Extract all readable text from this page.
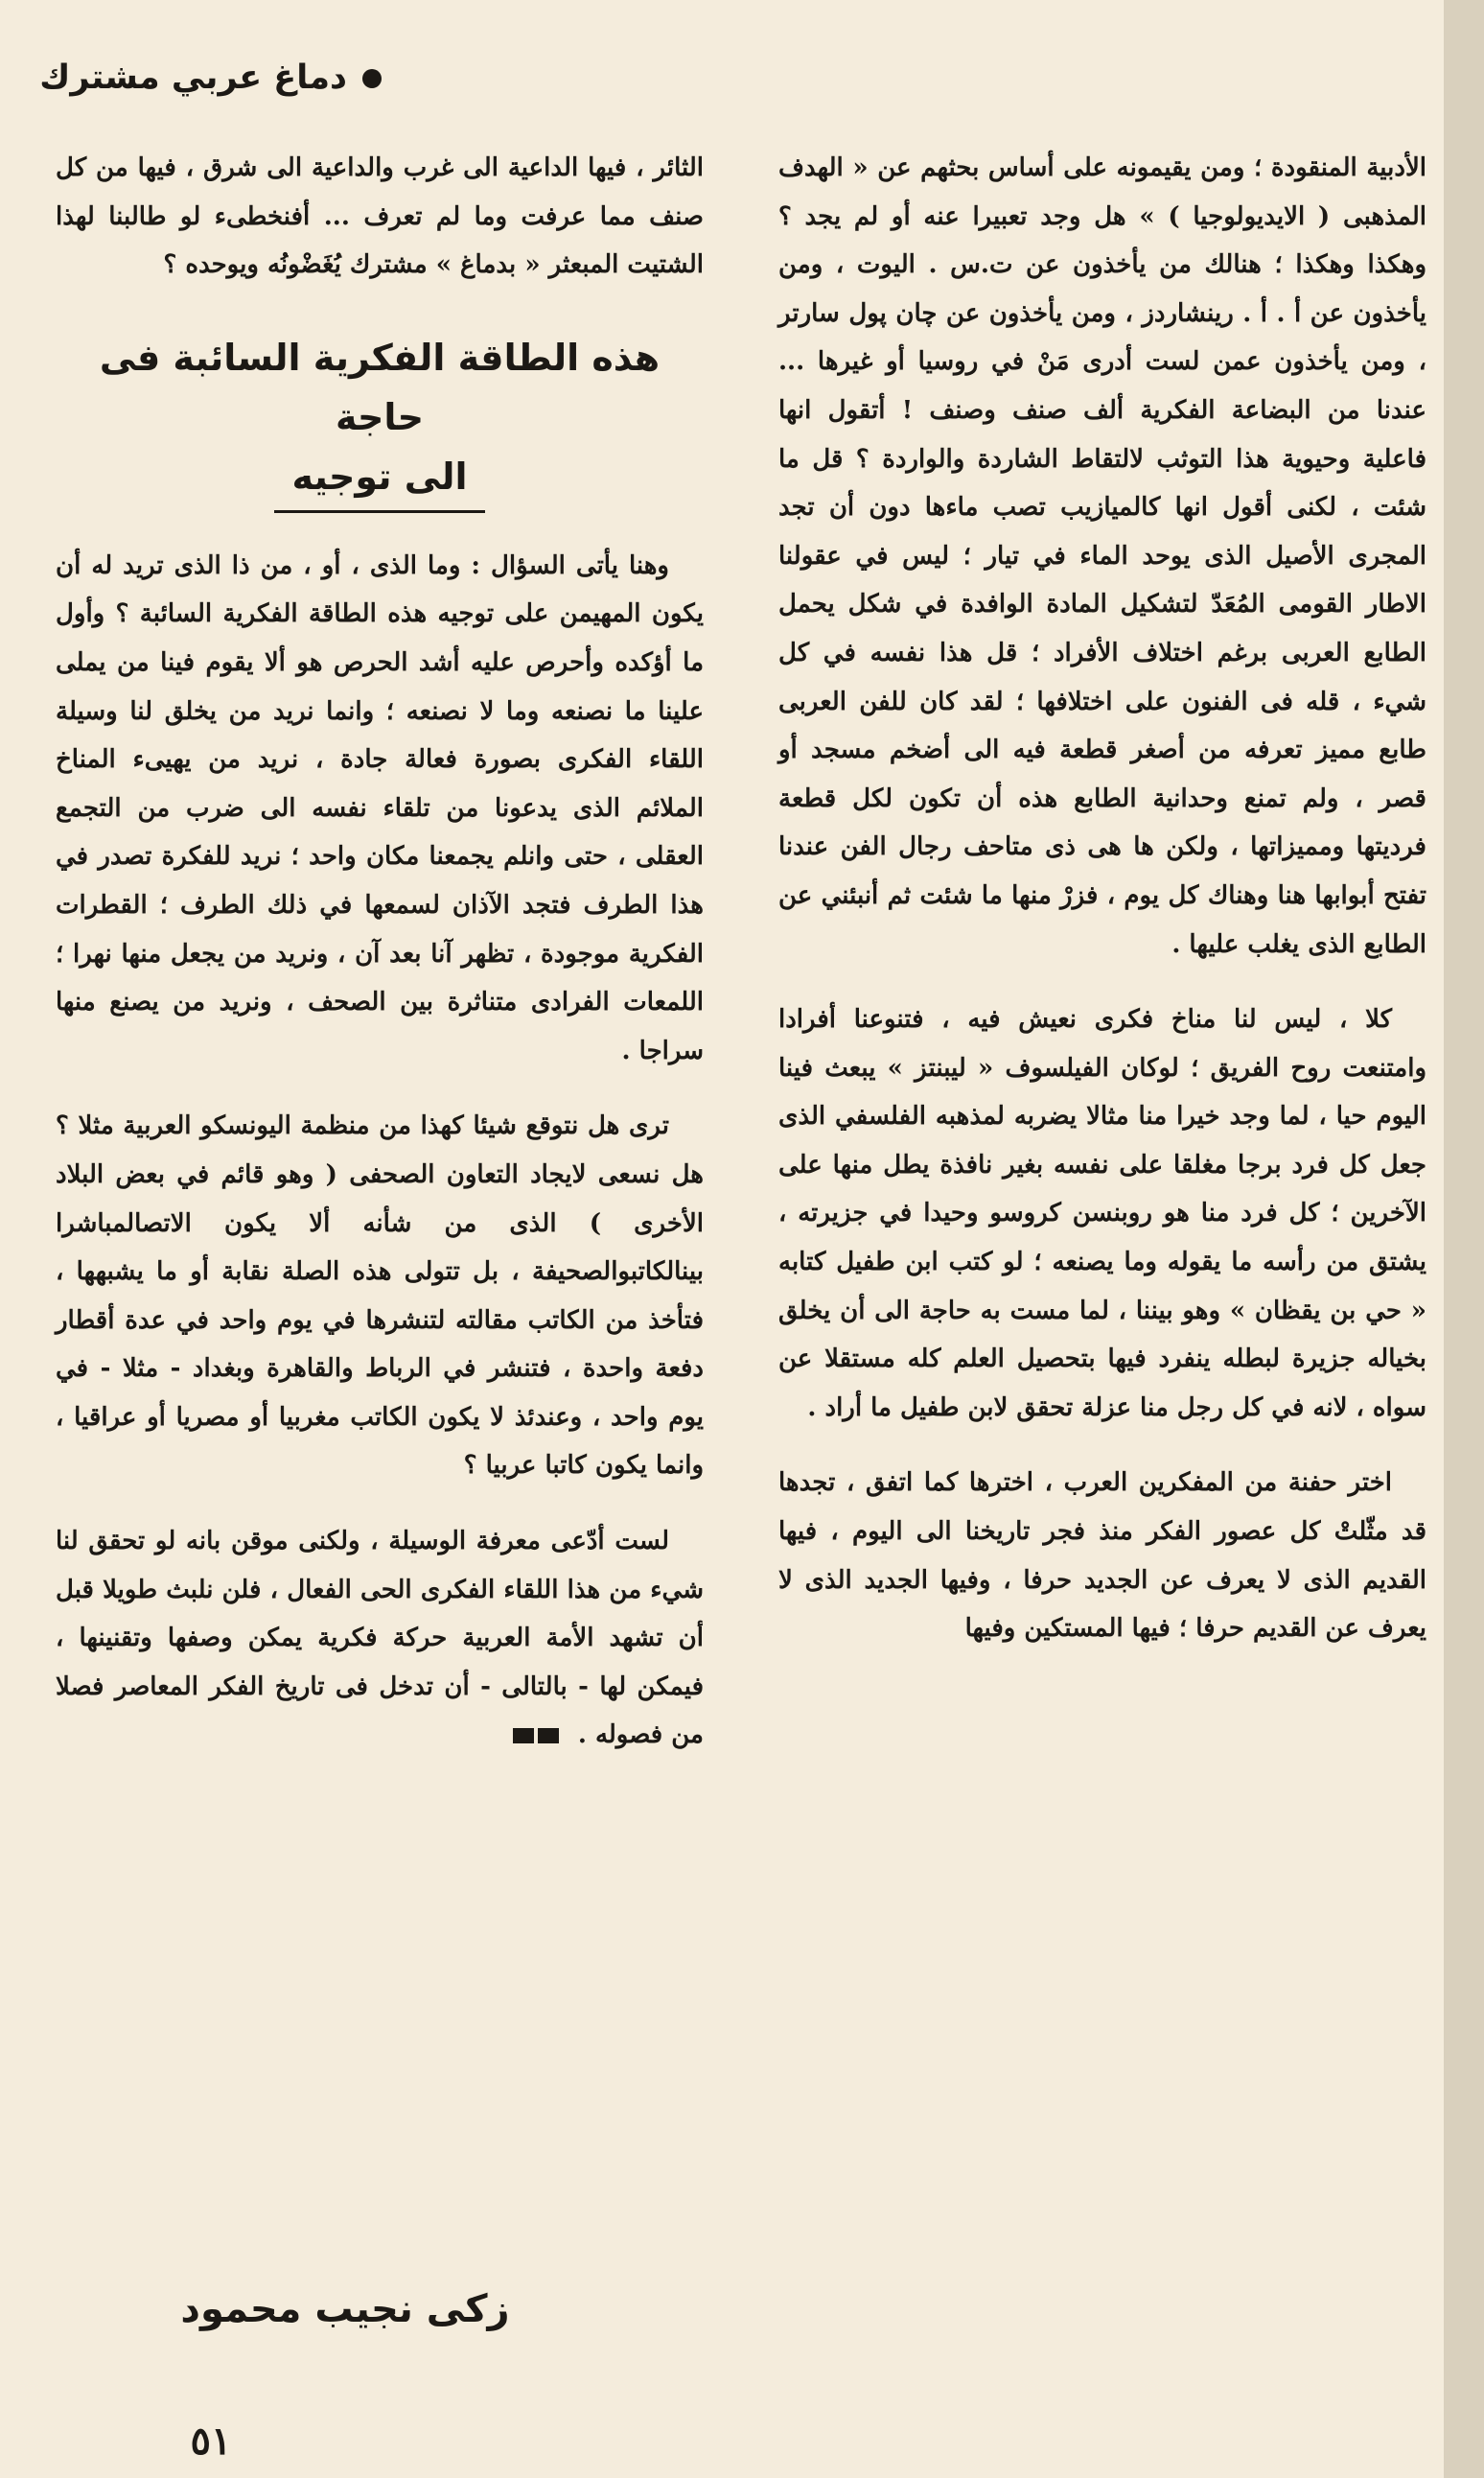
دماغ عربي مشترك

الأدبية المنقودة ؛ ومن يقيمونه على أساس بحثهم عن « الهدف المذهبى ( الايديولوجيا ) » هل وجد تعبيرا عنه أو لم يجد ؟ وهكذا وهكذا ؛ هنالك من يأخذون عن ت.س . اليوت ، ومن يأخذون عن أ . أ . رينشاردز ، ومن يأخذون عن چان پول سارتر ، ومن يأخذون عمن لست أدرى مَنْ في روسيا أو غيرها ... عندنا من البضاعة الفكرية ألف صنف وصنف ! أتقول انها فاعلية وحيوية هذا التوثب لالتقاط الشاردة والواردة ؟ قل ما شئت ، لكنى أقول انها كالميازيب تصب ماءها دون أن تجد المجرى الأصيل الذى يوحد الماء في تيار ؛ ليس في عقولنا الاطار القومى المُعَدّ لتشكيل المادة الوافدة في شكل يحمل الطابع العربى برغم اختلاف الأفراد ؛ قل هذا نفسه في كل شيء ، قله فى الفنون على اختلافها ؛ لقد كان للفن العربى طابع مميز تعرفه من أصغر قطعة فيه الى أضخم مسجد أو قصر ، ولم تمنع وحدانية الطابع هذه أن تكون لكل قطعة فرديتها ومميزاتها ، ولكن ها هى ذى متاحف رجال الفن عندنا تفتح أبوابها هنا وهناك كل يوم ، فزرْ منها ما شئت ثم أنبئني عن الطابع الذى يغلب عليها .

كلا ، ليس لنا مناخ فكرى نعيش فيه ، فتنوعنا أفرادا وامتنعت روح الفريق ؛ لوكان الفيلسوف « ليبنتز » يبعث فينا اليوم حيا ، لما وجد خيرا منا مثالا يضربه لمذهبه الفلسفي الذى جعل كل فرد برجا مغلقا على نفسه بغير نافذة يطل منها على الآخرين ؛ كل فرد منا هو روبنسن كروسو وحيدا في جزيرته ، يشتق من رأسه ما يقوله وما يصنعه ؛ لو كتب ابن طفيل كتابه « حي بن يقظان » وهو بيننا ، لما مست به حاجة الى أن يخلق بخياله جزيرة لبطله ينفرد فيها بتحصيل العلم كله مستقلا عن سواه ، لانه في كل رجل منا عزلة تحقق لابن طفيل ما أراد .

اختر حفنة من المفكرين العرب ، اخترها كما اتفق ، تجدها قد مثّلتْ كل عصور الفكر منذ فجر تاريخنا الى اليوم ، فيها القديم الذى لا يعرف عن الجديد حرفا ، وفيها الجديد الذى لا يعرف عن القديم حرفا ؛ فيها المستكين وفيها

الثائر ، فيها الداعية الى غرب والداعية الى شرق ، فيها من كل صنف مما عرفت وما لم تعرف ... أفنخطىء لو طالبنا لهذا الشتيت المبعثر « بدماغ » مشترك يُغَضْونُه ويوحده ؟

هذه الطاقة الفكرية السائبة فى حاجة
الى توجيه

وهنا يأتى السؤال : وما الذى ، أو ، من ذا الذى تريد له أن يكون المهيمن على توجيه هذه الطاقة الفكرية السائبة ؟ وأول ما أؤكده وأحرص عليه أشد الحرص هو ألا يقوم فينا من يملى علينا ما نصنعه وما لا نصنعه ؛ وانما نريد من يخلق لنا وسيلة اللقاء الفكرى بصورة فعالة جادة ، نريد من يهيىء المناخ الملائم الذى يدعونا من تلقاء نفسه الى ضرب من التجمع العقلى ، حتى وانلم يجمعنا مكان واحد ؛ نريد للفكرة تصدر في هذا الطرف فتجد الآذان لسمعها في ذلك الطرف ؛ القطرات الفكرية موجودة ، تظهر آنا بعد آن ، ونريد من يجعل منها نهرا ؛ اللمعات الفرادى متناثرة بين الصحف ، ونريد من يصنع منها سراجا .

ترى هل نتوقع شيئا كهذا من منظمة اليونسكو العربية مثلا ؟ هل نسعى لايجاد التعاون الصحفى ( وهو قائم في بعض البلاد الأخرى ) الذى من شأنه ألا يكون الاتصالمباشرا بينالكاتبوالصحيفة ، بل تتولى هذه الصلة نقابة أو ما يشبهها ، فتأخذ من الكاتب مقالته لتنشرها في يوم واحد في عدة أقطار دفعة واحدة ، فتنشر في الرباط والقاهرة وبغداد - مثلا - في يوم واحد ، وعندئذ لا يكون الكاتب مغربيا أو مصريا أو عراقيا ، وانما يكون كاتبا عربيا ؟

لست أدّعى معرفة الوسيلة ، ولكنى موقن بانه لو تحقق لنا شيء من هذا اللقاء الفكرى الحى الفعال ، فلن نلبث طويلا قبل أن تشهد الأمة العربية حركة فكرية يمكن وصفها وتقنينها ، فيمكن لها - بالتالى - أن تدخل فى تاريخ الفكر المعاصر فصلا من فصوله .

زكى نجيب محمود
٥١
